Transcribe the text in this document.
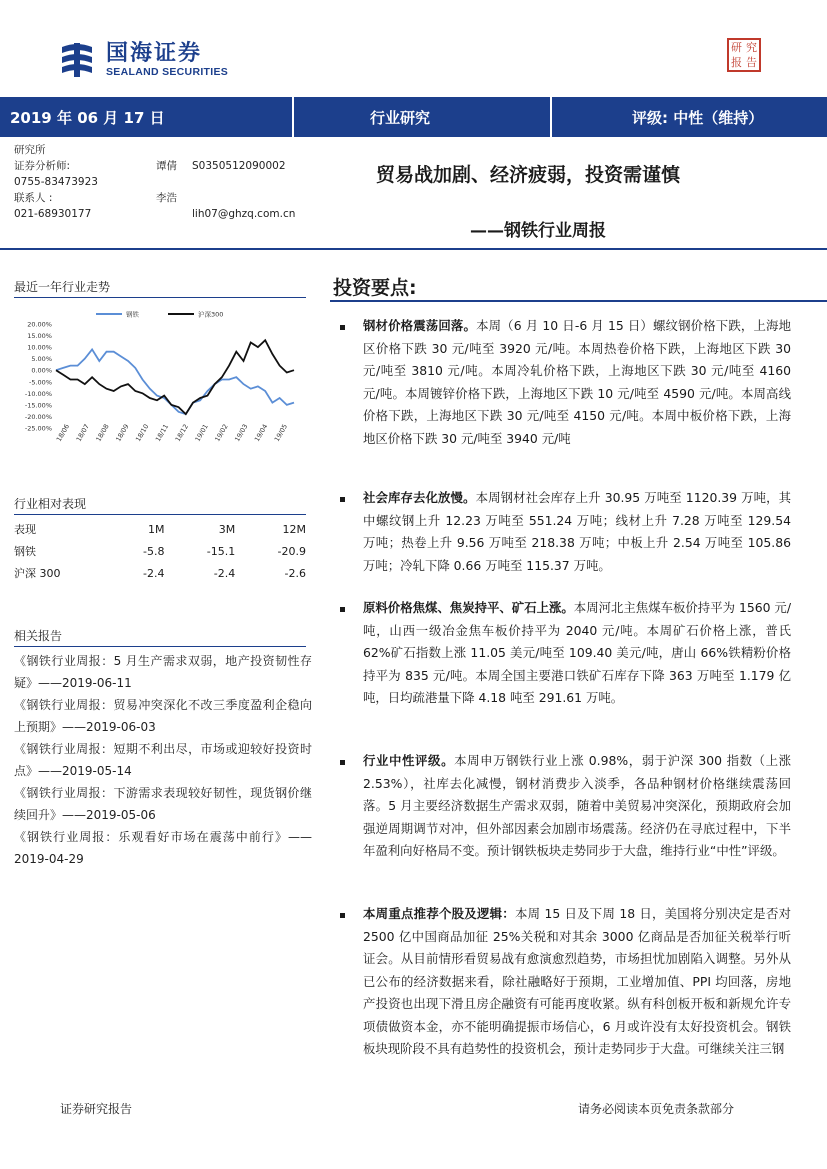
国海证券
SEALAND SECURITIES
研 究
报 告
2019 年 06 月 17 日	行业研究	评级: 中性（维持）
研究所
证券分析师:	谭倩	S0350512090002
0755-83473923
联系人 :	李浩
021-68930177	lih07@ghzq.com.cn
贸易战加剧、经济疲弱，投资需谨慎
——钢铁行业周报
最近一年行业走势
20.00%
15.00%
10.00%
5.00%
0.00%
-5.00%
-10.00%
-15.00%
-20.00%
-25.00% 18/06 18/07 18/08 18/09 18/10 18/11 18/12 19/01 19/02 19/03 19/04 19/05
钢铁	沪深300
行业相对表现
表现	1M	3M	12M
钢铁	-5.8	-15.1	-20.9
沪深 300	-2.4	-2.4	-2.6
相关报告

《钢铁行业周报：5 月生产需求双弱，地产投资韧性存疑》——2019-06-11

《钢铁行业周报：贸易冲突深化不改三季度盈利企稳向上预期》——2019-06-03

《钢铁行业周报：短期不利出尽，市场或迎较好投资时点》——2019-05-14

《钢铁行业周报：下游需求表现较好韧性，现货钢价继续回升》——2019-05-06

《钢铁行业周报：乐观看好市场在震荡中前行》——2019-04-29

投资要点:
钢材价格震荡回落。本周（6 月 10 日-6 月 15 日）螺纹钢价格下跌，上海地区价格下跌 30 元/吨至 3920 元/吨。本周热卷价格下跌，上海地区下跌 30 元/吨至 3810 元/吨。本周冷轧价格下跌，上海地区下跌 30 元/吨至 4160 元/吨。本周镀锌价格下跌，上海地区下跌 10 元/吨至 4590 元/吨。本周高线价格下跌，上海地区下跌 30 元/吨至 4150 元/吨。本周中板价格下跌，上海地区价格下跌 30 元/吨至 3940 元/吨
社会库存去化放慢。本周钢材社会库存上升 30.95 万吨至 1120.39 万吨，其中螺纹钢上升 12.23 万吨至 551.24 万吨；线材上升 7.28 万吨至 129.54 万吨；热卷上升 9.56 万吨至 218.38 万吨；中板上升 2.54 万吨至 105.86 万吨；冷轧下降 0.66 万吨至 115.37 万吨。
原料价格焦煤、焦炭持平、矿石上涨。本周河北主焦煤车板价持平为 1560 元/吨，山西一级冶金焦车板价持平为 2040 元/吨。本周矿石价格上涨，普氏 62%矿石指数上涨 11.05 美元/吨至 109.40 美元/吨，唐山 66%铁精粉价格持平为 835 元/吨。本周全国主要港口铁矿石库存下降 363 万吨至 1.179 亿吨，日均疏港量下降 4.18 吨至 291.61 万吨。
行业中性评级。本周申万钢铁行业上涨 0.98%，弱于沪深 300 指数（上涨 2.53%），社库去化减慢，钢材消费步入淡季，各品种钢材价格继续震荡回落。5 月主要经济数据生产需求双弱，随着中美贸易冲突深化，预期政府会加强逆周期调节对冲，但外部因素会加剧市场震荡。经济仍在寻底过程中，下半年盈利向好格局不变。预计钢铁板块走势同步于大盘，维持行业“中性”评级。
本周重点推荐个股及逻辑：本周 15 日及下周 18 日，美国将分别决定是否对 2500 亿中国商品加征 25%关税和对其余 3000 亿商品是否加征关税举行听证会。从目前情形看贸易战有愈演愈烈趋势，市场担忧加剧陷入调整。另外从已公布的经济数据来看，除社融略好于预期，工业增加值、PPI 均回落，房地产投资也出现下滑且房企融资有可能再度收紧。纵有科创板开板和新规允许专项债做资本金，亦不能明确提振市场信心，6 月或许没有太好投资机会。钢铁板块现阶段不具有趋势性的投资机会，预计走势同步于大盘。可继续关注三钢
证券研究报告	请务必阅读本页免责条款部分
